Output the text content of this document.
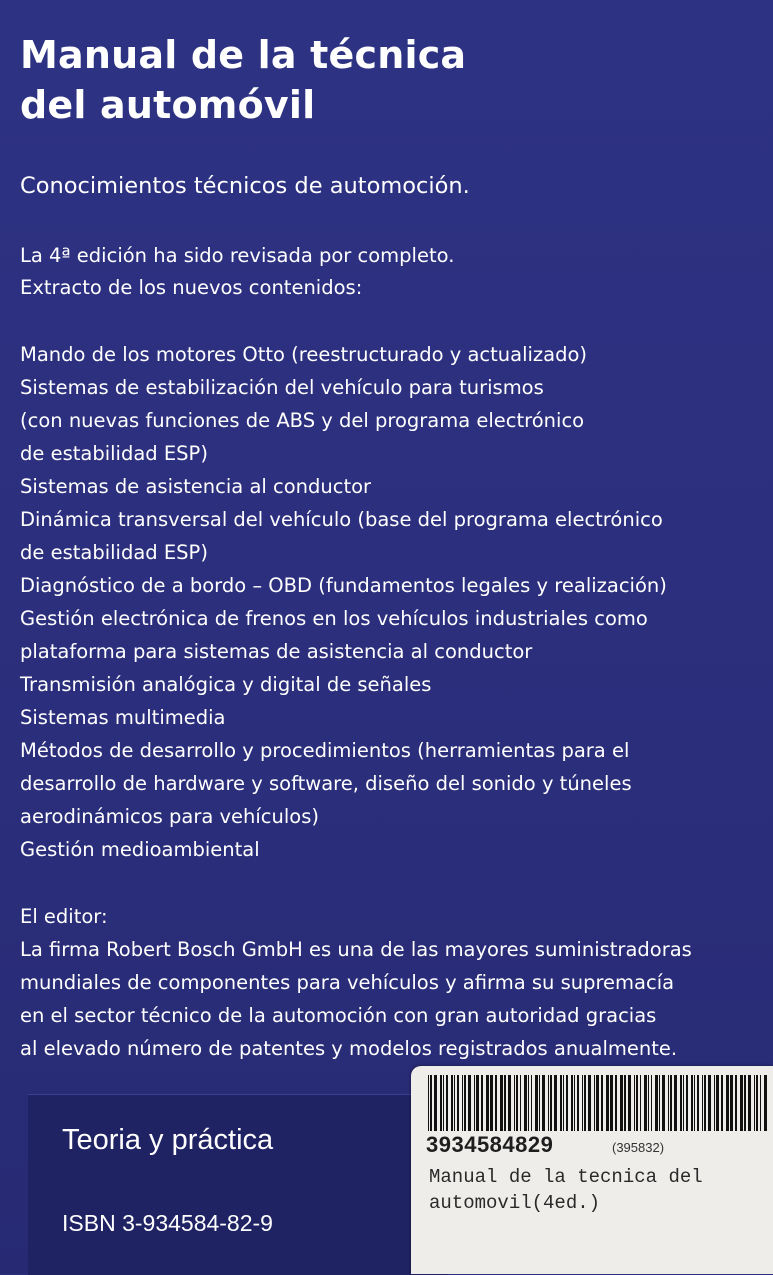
Manual de la técnica
del automóvil

Conocimientos técnicos de automoción.

La 4ª edición ha sido revisada por completo.
Extracto de los nuevos contenidos:
Mando de los motores Otto (reestructurado y actualizado)
Sistemas de estabilización del vehículo para turismos
(con nuevas funciones de ABS y del programa electrónico
de estabilidad ESP)
Sistemas de asistencia al conductor
Dinámica transversal del vehículo (base del programa electrónico
de estabilidad ESP)
Diagnóstico de a bordo – OBD (fundamentos legales y realización)
Gestión electrónica de frenos en los vehículos industriales como
plataforma para sistemas de asistencia al conductor
Transmisión analógica y digital de señales
Sistemas multimedia
Métodos de desarrollo y procedimientos (herramientas para el
desarrollo de hardware y software, diseño del sonido y túneles
aerodinámicos para vehículos)
Gestión medioambiental
El editor:
La firma Robert Bosch GmbH es una de las mayores suministradoras
mundiales de componentes para vehículos y afirma su supremacía
en el sector técnico de la automoción con gran autoridad gracias
al elevado número de patentes y modelos registrados anualmente.
Teoria y práctica
ISBN 3-934584-82-9
3934584829	(395832)
Manual de la tecnica del
automovil(4ed.)
